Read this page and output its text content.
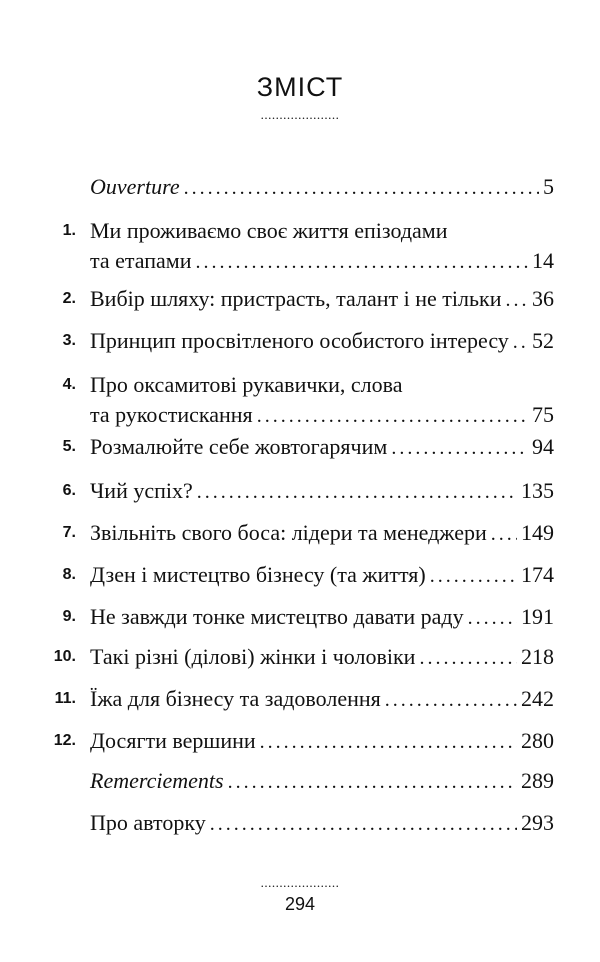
ЗМІСТ
.....................
Ouverture .....	5
1. Ми проживаємо своє життя епізодами
та етапами .....	14
2. Вибір шляху: пристрасть, талант і не тільки ..... 36
3. Принцип просвітленого особистого інтересу ..... 52
4. Про оксамитові рукавички, слова
та рукостискання .....	75
5. Розмалюйте себе жовтогарячим .....	94
6. Чий успіх? .....	135
7. Звільніть свого боса: лідери та менеджери ..... 149
8. Дзен і мистецтво бізнесу (та життя) .....	174
9. Не завжди тонке мистецтво давати раду .....	191
10. Такі різні (ділові) жінки і чоловіки .....	218
11. Їжа для бізнесу та задоволення .....	242
12. Досягти вершини .....	280
Remerciements .....	289
Про авторку .....	293
.....................
294
